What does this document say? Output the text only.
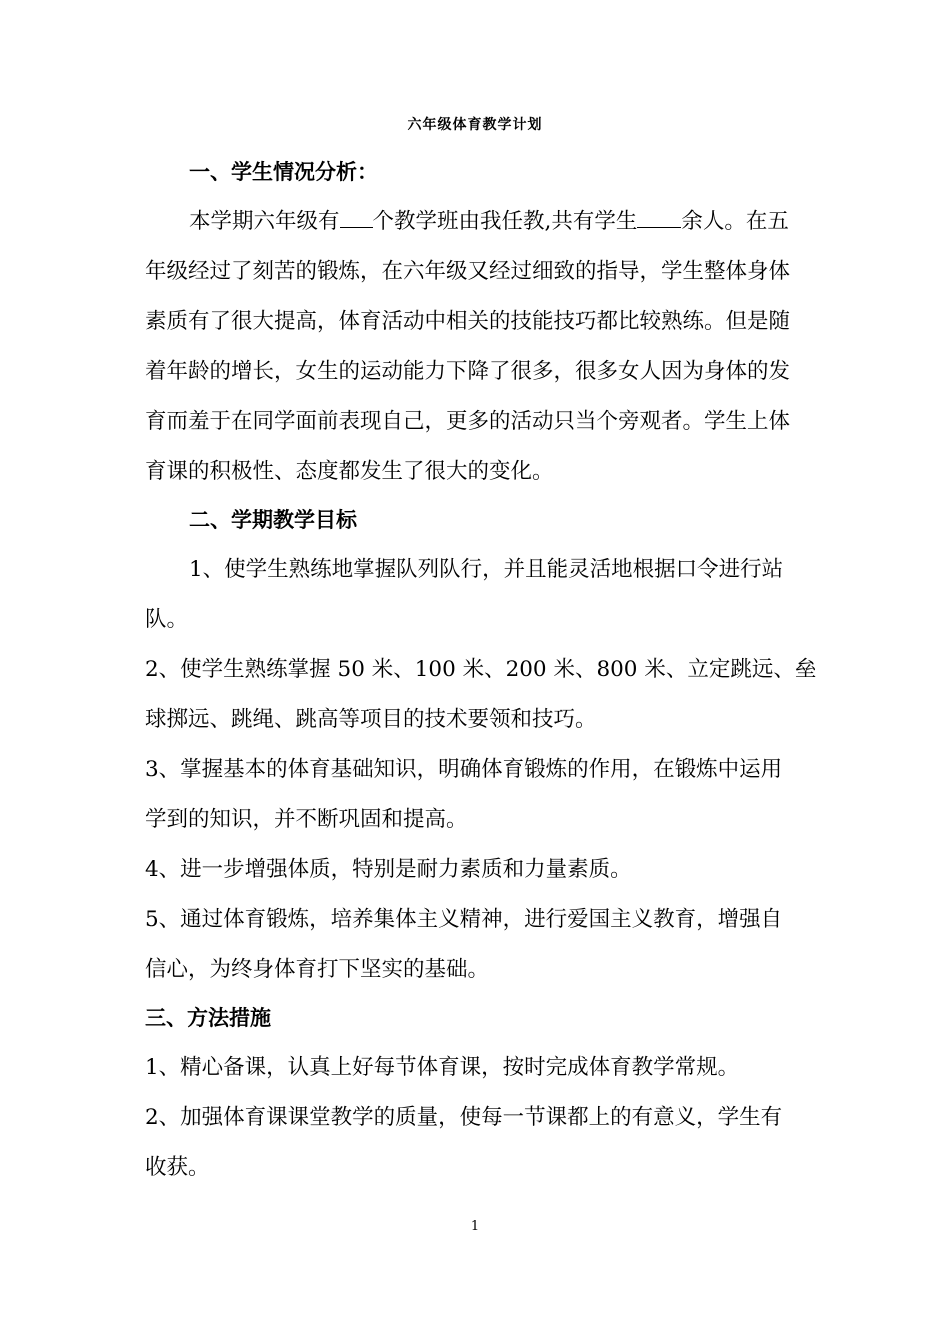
六年级体育教学计划
一、学生情况分析：
本学期六年级有 个教学班由我任教,共有学生 余人。在五
年级经过了刻苦的锻炼，在六年级又经过细致的指导，学生整体身体
素质有了很大提高，体育活动中相关的技能技巧都比较熟练。但是随
着年龄的增长，女生的运动能力下降了很多，很多女人因为身体的发
育而羞于在同学面前表现自己，更多的活动只当个旁观者。学生上体
育课的积极性、态度都发生了很大的变化。
二、学期教学目标
1、使学生熟练地掌握队列队行，并且能灵活地根据口令进行站
队。
2、使学生熟练掌握 50 米、100 米、200 米、800 米、立定跳远、垒
球掷远、跳绳、跳高等项目的技术要领和技巧。
3、掌握基本的体育基础知识，明确体育锻炼的作用，在锻炼中运用
学到的知识，并不断巩固和提高。
4、进一步增强体质，特别是耐力素质和力量素质。
5、通过体育锻炼，培养集体主义精神，进行爱国主义教育，增强自
信心，为终身体育打下坚实的基础。
三、方法措施
1、精心备课，认真上好每节体育课，按时完成体育教学常规。
2、加强体育课课堂教学的质量，使每一节课都上的有意义，学生有
收获。
1
